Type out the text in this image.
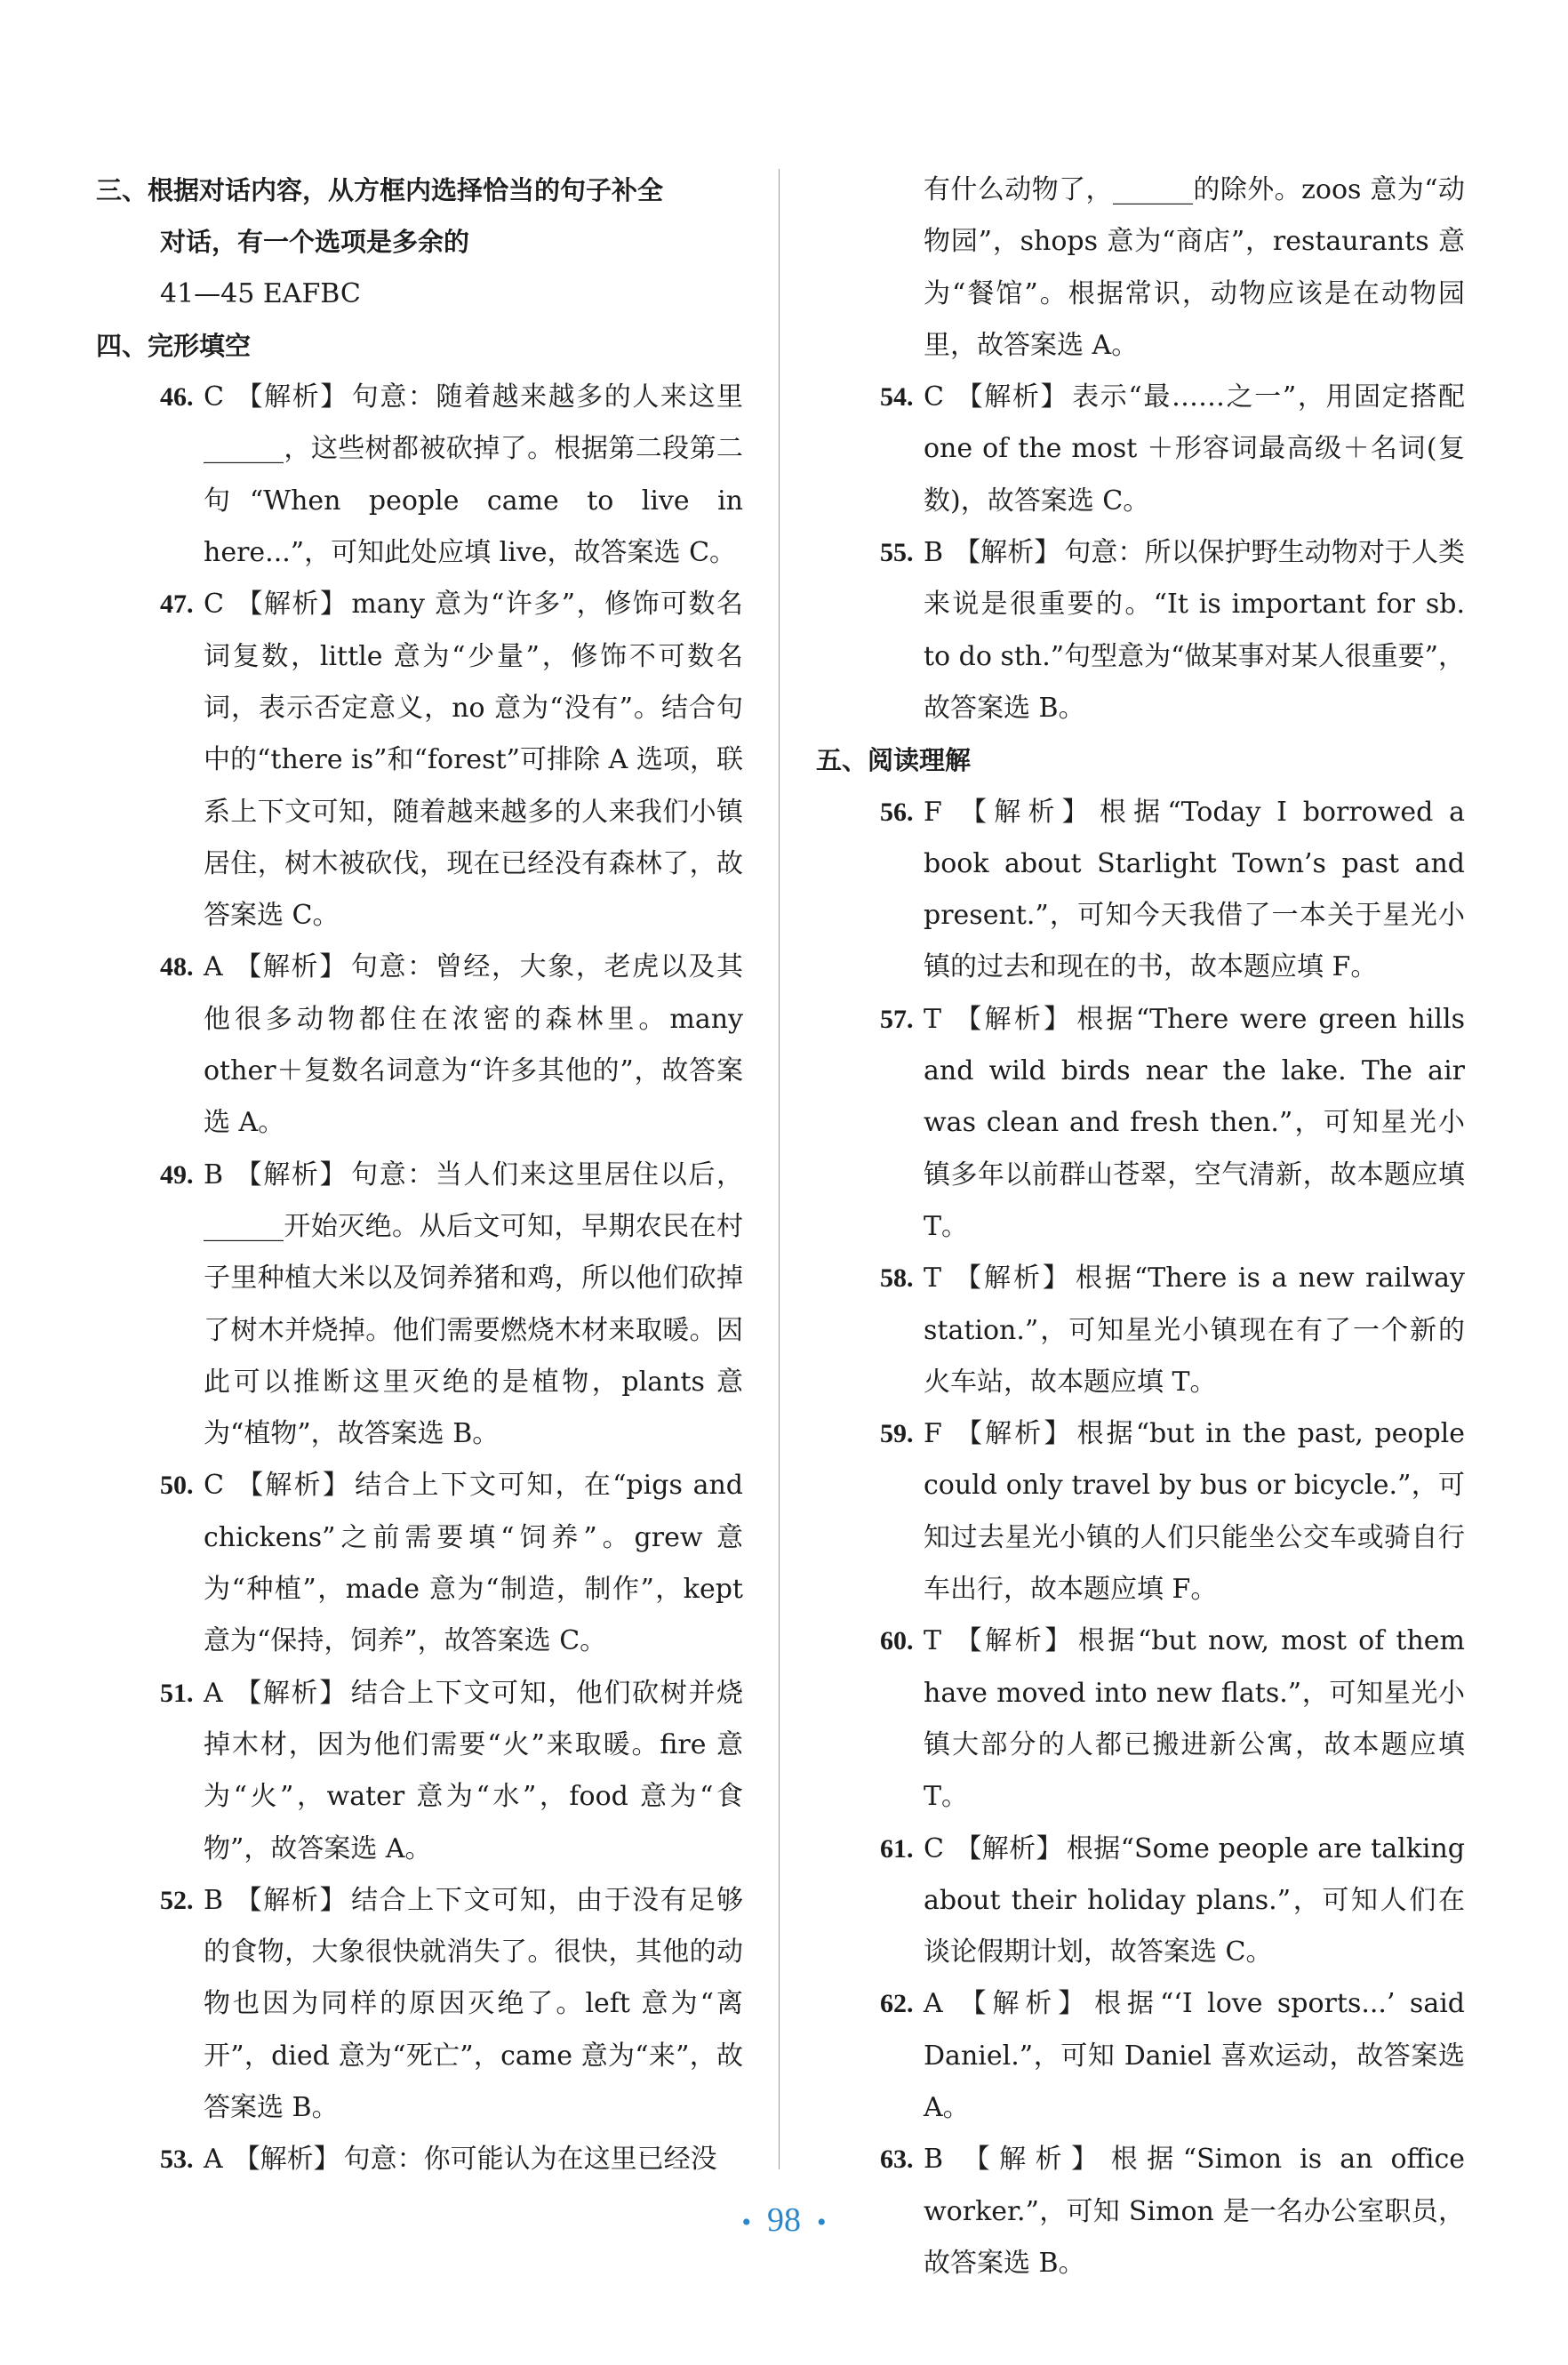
三、根据对话内容，从方框内选择恰当的句子补全

对话，有一个选项是多余的

41—45 EAFBC

四、完形填空

46. C 【解析】 句意：随着越来越多的人来这里______，这些树都被砍掉了。根据第二段第二句“When people came to live in here...”，可知此处应填 live，故答案选 C。

47. C 【解析】 many 意为“许多”，修饰可数名词复数，little 意为“少量”，修饰不可数名词，表示否定意义，no 意为“没有”。结合句中的“there is”和“forest”可排除 A 选项，联系上下文可知，随着越来越多的人来我们小镇居住，树木被砍伐，现在已经没有森林了，故答案选 C。

48. A 【解析】 句意：曾经，大象，老虎以及其他很多动物都住在浓密的森林里。many other＋复数名词意为“许多其他的”，故答案选 A。

49. B 【解析】 句意：当人们来这里居住以后，______开始灭绝。从后文可知，早期农民在村子里种植大米以及饲养猪和鸡，所以他们砍掉了树木并烧掉。他们需要燃烧木材来取暖。因此可以推断这里灭绝的是植物，plants 意为“植物”，故答案选 B。

50. C 【解析】 结合上下文可知，在“pigs and chickens”之前需要填“饲养”。grew 意为“种植”，made 意为“制造，制作”，kept 意为“保持，饲养”，故答案选 C。

51. A 【解析】 结合上下文可知，他们砍树并烧掉木材，因为他们需要“火”来取暖。fire 意为“火”，water 意为“水”，food 意为“食物”，故答案选 A。

52. B 【解析】 结合上下文可知，由于没有足够的食物，大象很快就消失了。很快，其他的动物也因为同样的原因灭绝了。left 意为“离开”，died 意为“死亡”，came 意为“来”，故答案选 B。

53. A 【解析】 句意：你可能认为在这里已经没

有什么动物了，______的除外。zoos 意为“动物园”，shops 意为“商店”，restaurants 意为“餐馆”。根据常识，动物应该是在动物园里，故答案选 A。

54. C 【解析】 表示“最……之一”，用固定搭配 one of the most ＋形容词最高级＋名词(复数)，故答案选 C。

55. B 【解析】 句意：所以保护野生动物对于人类来说是很重要的。“It is important for sb. to do sth.”句型意为“做某事对某人很重要”，故答案选 B。

五、阅读理解

56. F 【解析】 根据“Today I borrowed a book about Starlight Town’s past and present.”，可知今天我借了一本关于星光小镇的过去和现在的书，故本题应填 F。

57. T 【解析】 根据“There were green hills and wild birds near the lake. The air was clean and fresh then.”，可知星光小镇多年以前群山苍翠，空气清新，故本题应填 T。

58. T 【解析】 根据“There is a new railway station.”，可知星光小镇现在有了一个新的火车站，故本题应填 T。

59. F 【解析】 根据“but in the past, people could only travel by bus or bicycle.”，可知过去星光小镇的人们只能坐公交车或骑自行车出行，故本题应填 F。

60. T 【解析】 根据“but now, most of them have moved into new flats.”，可知星光小镇大部分的人都已搬进新公寓，故本题应填 T。

61. C 【解析】 根据“Some people are talking about their holiday plans.”，可知人们在谈论假期计划，故答案选 C。

62. A 【解析】 根据“‘I love sports...’ said Daniel.”，可知 Daniel 喜欢运动，故答案选 A。

63. B 【解析】 根据“Simon is an office worker.”，可知 Simon 是一名办公室职员，故答案选 B。

• 98 •
